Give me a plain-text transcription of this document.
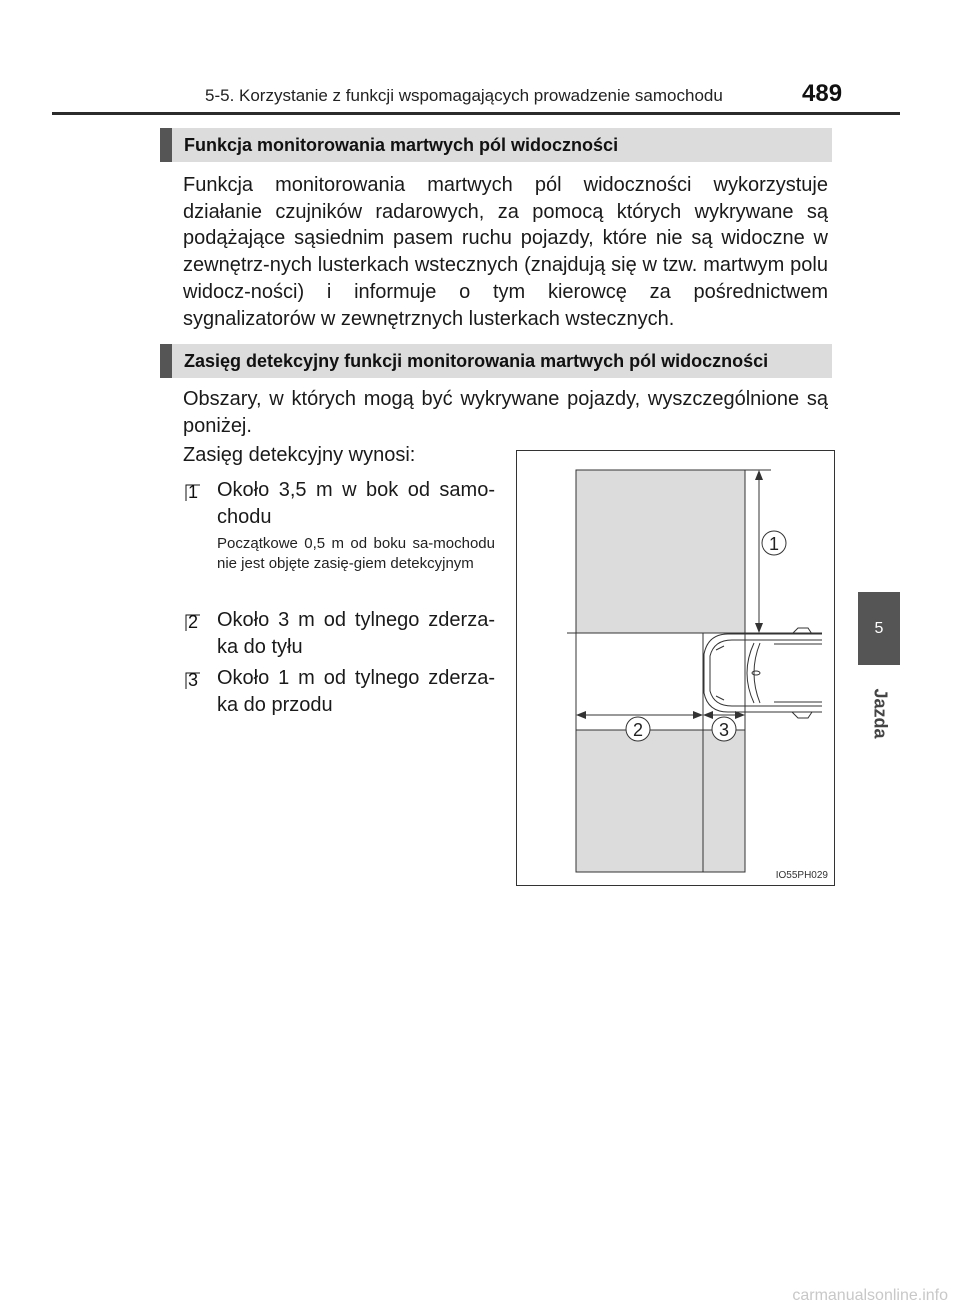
5-5. Korzystanie z funkcji wspomagających prowadzenie samochodu	489
Funkcja monitorowania martwych pól widoczności
Funkcja monitorowania martwych pól widoczności wykorzystuje działanie czujników radarowych, za pomocą których wykrywane są podążające sąsiednim pasem ruchu pojazdy, które nie są widoczne w zewnętrz-nych lusterkach wstecznych (znajdują się w tzw. martwym polu widocz-ności) i informuje o tym kierowcę za pośrednictwem sygnalizatorów w zewnętrznych lusterkach wstecznych.
Zasięg detekcyjny funkcji monitorowania martwych pól widoczności
Obszary, w których mogą być wykrywane pojazdy, wyszczególnione są poniżej.
Zasięg detekcyjny wynosi:
1 Około 3,5 m w bok od samo-chodu
Początkowe 0,5 m od boku sa-mochodu nie jest objęte zasię-giem detekcyjnym
2 Około 3 m od tylnego zderza-ka do tyłu
3 Około 1 m od tylnego zderza-ka do przodu
1
2	3
IO55PH029
5
Jazda
carmanualsonline.info
